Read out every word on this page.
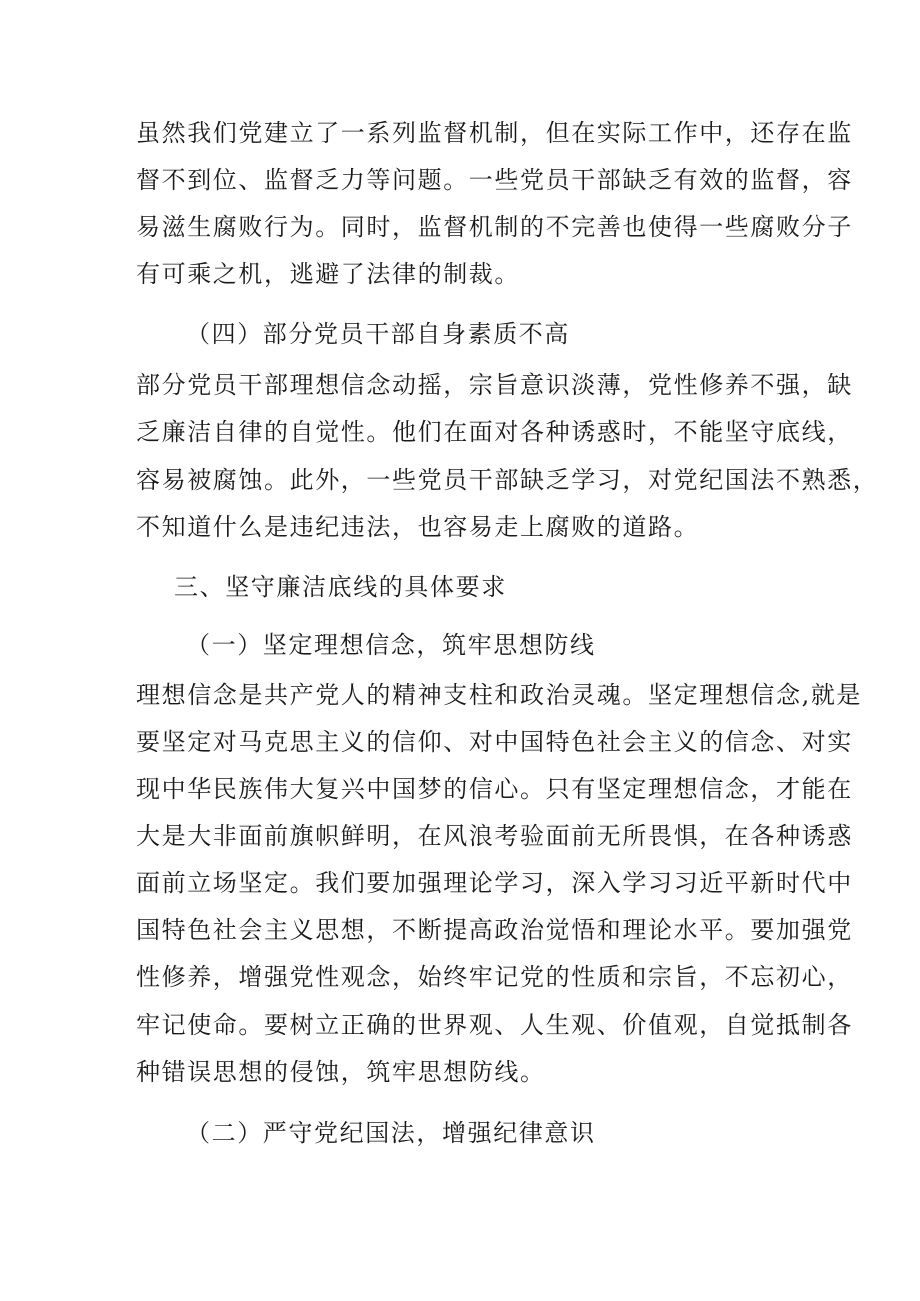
虽然我们党建立了一系列监督机制，但在实际工作中，还存在监
督不到位、监督乏力等问题。一些党员干部缺乏有效的监督，容
易滋生腐败行为。同时，监督机制的不完善也使得一些腐败分子
有可乘之机，逃避了法律的制裁。
（四）部分党员干部自身素质不高
部分党员干部理想信念动摇，宗旨意识淡薄，党性修养不强，缺
乏廉洁自律的自觉性。他们在面对各种诱惑时，不能坚守底线，
容易被腐蚀。此外，一些党员干部缺乏学习，对党纪国法不熟悉，
不知道什么是违纪违法，也容易走上腐败的道路。
三、坚守廉洁底线的具体要求
（一）坚定理想信念，筑牢思想防线
理想信念是共产党人的精神支柱和政治灵魂。坚定理想信念,就是
要坚定对马克思主义的信仰、对中国特色社会主义的信念、对实
现中华民族伟大复兴中国梦的信心。只有坚定理想信念，才能在
大是大非面前旗帜鲜明，在风浪考验面前无所畏惧，在各种诱惑
面前立场坚定。我们要加强理论学习，深入学习习近平新时代中
国特色社会主义思想，不断提高政治觉悟和理论水平。要加强党
性修养，增强党性观念，始终牢记党的性质和宗旨，不忘初心，
牢记使命。要树立正确的世界观、人生观、价值观，自觉抵制各
种错误思想的侵蚀，筑牢思想防线。
（二）严守党纪国法，增强纪律意识
